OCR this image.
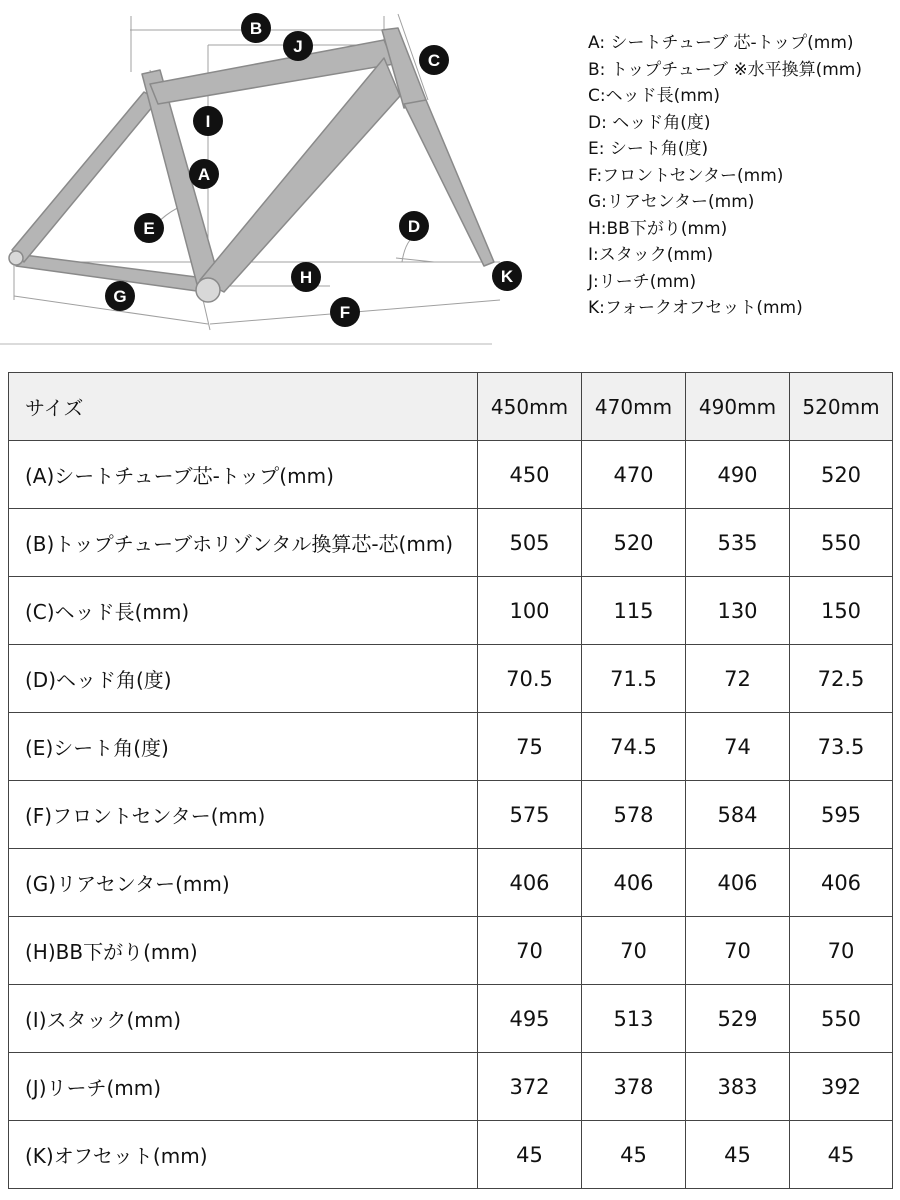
B
J
C
I
A
E	D
H	K
G
F
A: シートチューブ 芯-トップ(mm)
B: トップチューブ ※水平換算(mm)
C:ヘッド長(mm)
D: ヘッド角(度)
E: シート角(度)
F:フロントセンター(mm)
G:リアセンター(mm)
H:BB下がり(mm)
I:スタック(mm)
J:リーチ(mm)
K:フォークオフセット(mm)
サイズ	450mm	470mm	490mm	520mm
(A)シートチューブ芯-トップ(mm)	450	470	490	520
(B)トップチューブホリゾンタル換算芯-芯(mm)	505	520	535	550
(C)ヘッド長(mm)	100	115	130	150
(D)ヘッド角(度)	70.5	71.5	72	72.5
(E)シート角(度)	75	74.5	74	73.5
(F)フロントセンター(mm)	575	578	584	595
(G)リアセンター(mm)	406	406	406	406
(H)BB下がり(mm)	70	70	70	70
(I)スタック(mm)	495	513	529	550
(J)リーチ(mm)	372	378	383	392
(K)オフセット(mm)	45	45	45	45
